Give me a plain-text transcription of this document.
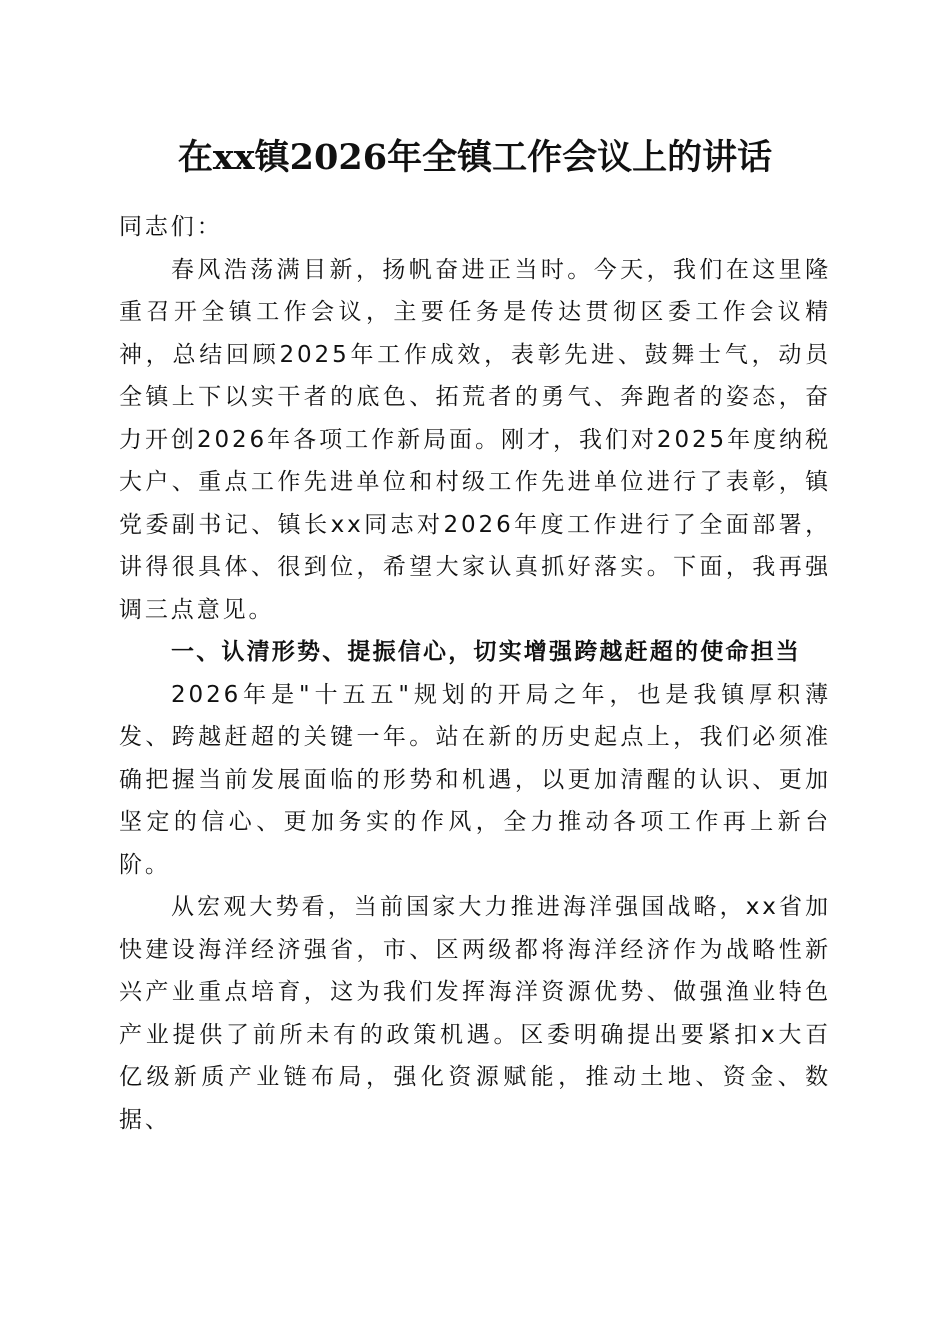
在xx镇2026年全镇工作会议上的讲话

同志们：

春风浩荡满目新，扬帆奋进正当时。今天，我们在这里隆重召开全镇工作会议，主要任务是传达贯彻区委工作会议精神，总结回顾2025年工作成效，表彰先进、鼓舞士气，动员全镇上下以实干者的底色、拓荒者的勇气、奔跑者的姿态，奋力开创2026年各项工作新局面。刚才，我们对2025年度纳税大户、重点工作先进单位和村级工作先进单位进行了表彰，镇党委副书记、镇长xx同志对2026年度工作进行了全面部署，讲得很具体、很到位，希望大家认真抓好落实。下面，我再强调三点意见。

一、认清形势、提振信心，切实增强跨越赶超的使命担当

2026年是"十五五"规划的开局之年，也是我镇厚积薄发、跨越赶超的关键一年。站在新的历史起点上，我们必须准确把握当前发展面临的形势和机遇，以更加清醒的认识、更加坚定的信心、更加务实的作风，全力推动各项工作再上新台阶。

从宏观大势看，当前国家大力推进海洋强国战略，xx省加快建设海洋经济强省，市、区两级都将海洋经济作为战略性新兴产业重点培育，这为我们发挥海洋资源优势、做强渔业特色产业提供了前所未有的政策机遇。区委明确提出要紧扣x大百亿级新质产业链布局，强化资源赋能，推动土地、资金、数据、
